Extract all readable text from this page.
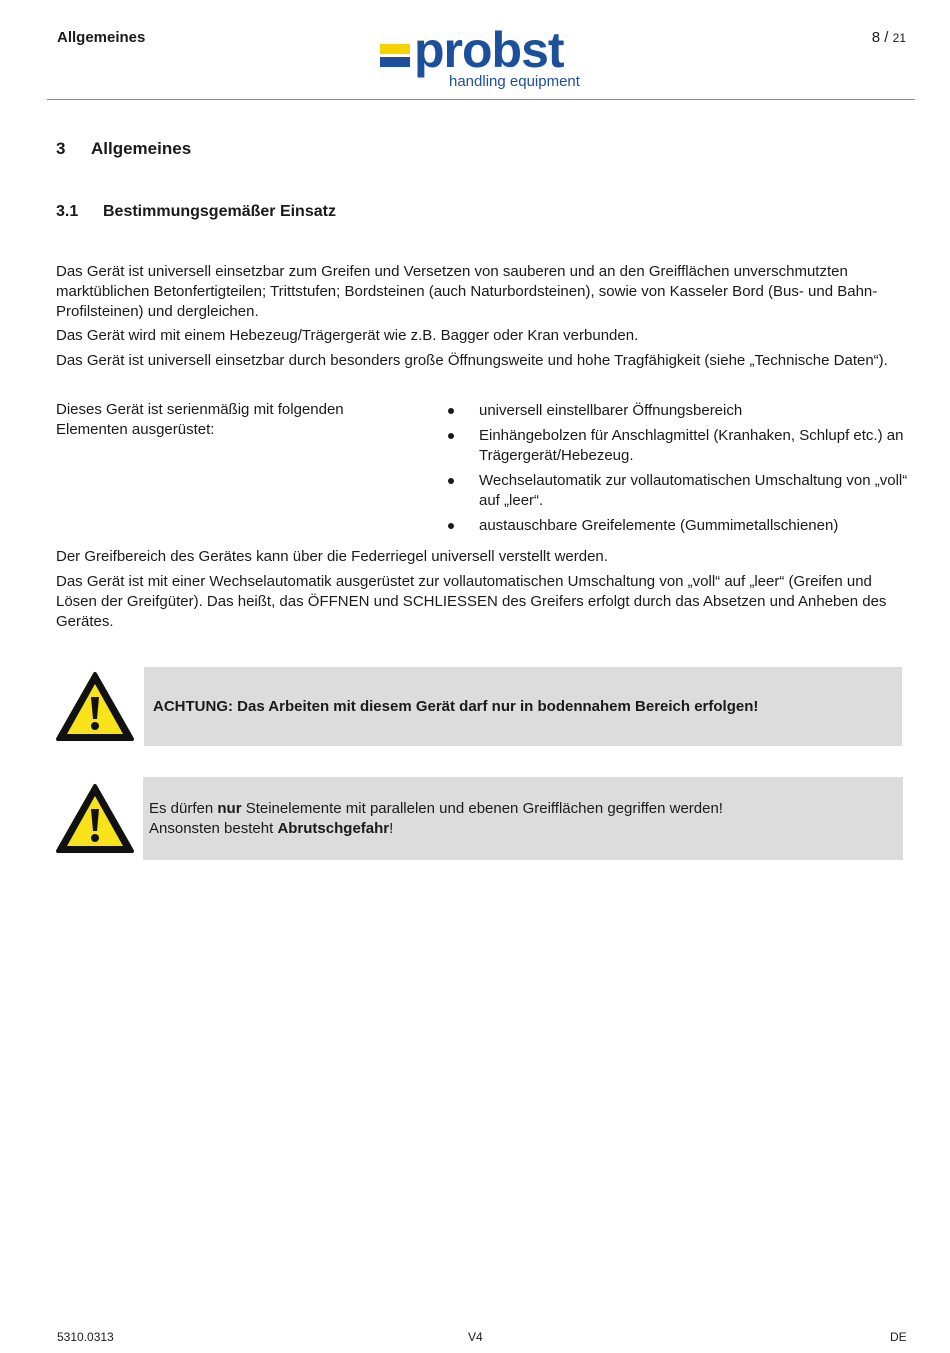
Allgemeines	probst
handling equipment
8 / 21
3 Allgemeines
3.1 Bestimmungsgemäßer Einsatz
Das Gerät ist universell einsetzbar zum Greifen und Versetzen von sauberen und an den Greifflächen unverschmutzten marktüblichen Betonfertigteilen; Trittstufen; Bordsteinen (auch Naturbordsteinen), sowie von Kasseler Bord (Bus- und Bahn-Profilsteinen) und dergleichen.
Das Gerät wird mit einem Hebezeug/Trägergerät wie z.B. Bagger oder Kran verbunden.
Das Gerät ist universell einsetzbar durch besonders große Öffnungsweite und hohe Tragfähigkeit (siehe „Technische Daten“).
Dieses Gerät ist serienmäßig mit folgenden Elementen ausgerüstet:
universell einstellbarer Öffnungsbereich
Einhängebolzen für Anschlagmittel (Kranhaken, Schlupf etc.) an Trägergerät/Hebezeug.
Wechselautomatik zur vollautomatischen Umschaltung von „voll“ auf „leer“.
austauschbare Greifelemente (Gummimetallschienen)
Der Greifbereich des Gerätes kann über die Federriegel universell verstellt werden.
Das Gerät ist mit einer Wechselautomatik ausgerüstet zur vollautomatischen Umschaltung von „voll“ auf „leer“ (Greifen und Lösen der Greifgüter). Das heißt, das ÖFFNEN und SCHLIESSEN des Greifers erfolgt durch das Absetzen und Anheben des Gerätes.
ACHTUNG: Das Arbeiten mit diesem Gerät darf nur in bodennahem Bereich erfolgen!
Es dürfen nur Steinelemente mit parallelen und ebenen Greifflächen gegriffen werden!
Ansonsten besteht Abrutschgefahr!
5310.0313	V4	DE
